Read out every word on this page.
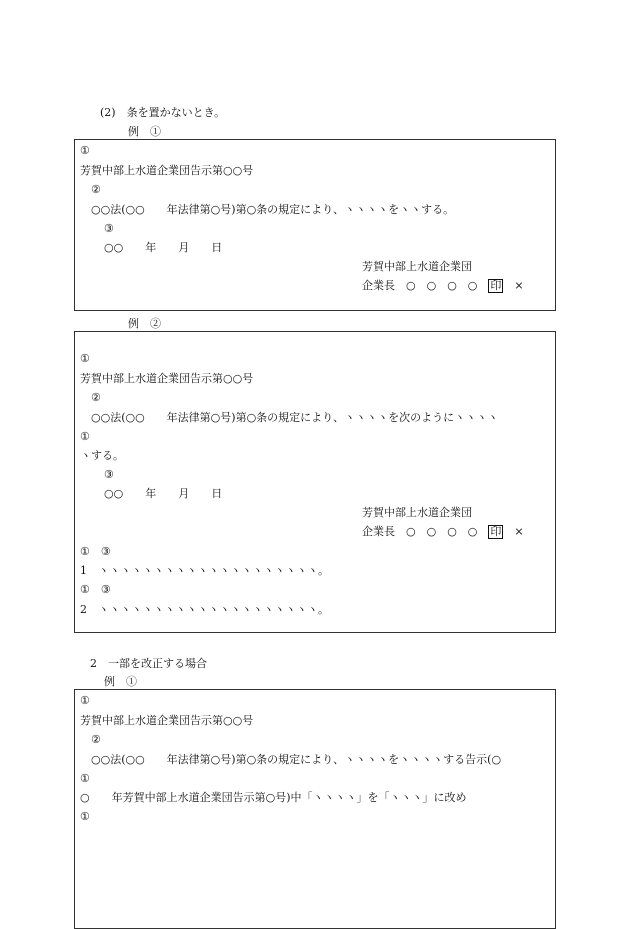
(2)　条を置かないとき。
例　①
①
芳賀中部上水道企業団告示第○○号
②
○○法(○○　　年法律第○号)第○条の規定により、ヽヽヽヽをヽヽする。
③
○○　　年　　月　　日
芳賀中部上水道企業団
企業長　○　○　○　○　 印　 ×
例　②
①
芳賀中部上水道企業団告示第○○号
②
○○法(○○　　年法律第○号)第○条の規定により、ヽヽヽヽを次のようにヽヽヽヽ
①
ヽする。
③
○○　　年　　月　　日
芳賀中部上水道企業団
企業長　○　○　○　○　 印　 ×
①　③
1　ヽヽヽヽヽヽヽヽヽヽヽヽヽヽヽヽヽヽヽヽ。
①　③
2　ヽヽヽヽヽヽヽヽヽヽヽヽヽヽヽヽヽヽヽヽ。
2　一部を改正する場合
例　①
①
芳賀中部上水道企業団告示第○○号
②
○○法(○○　　年法律第○号)第○条の規定により、ヽヽヽヽをヽヽヽヽする告示(○
①
○　　年芳賀中部上水道企業団告示第○号)中「ヽヽヽヽ」を「ヽヽヽ」に改め
①
